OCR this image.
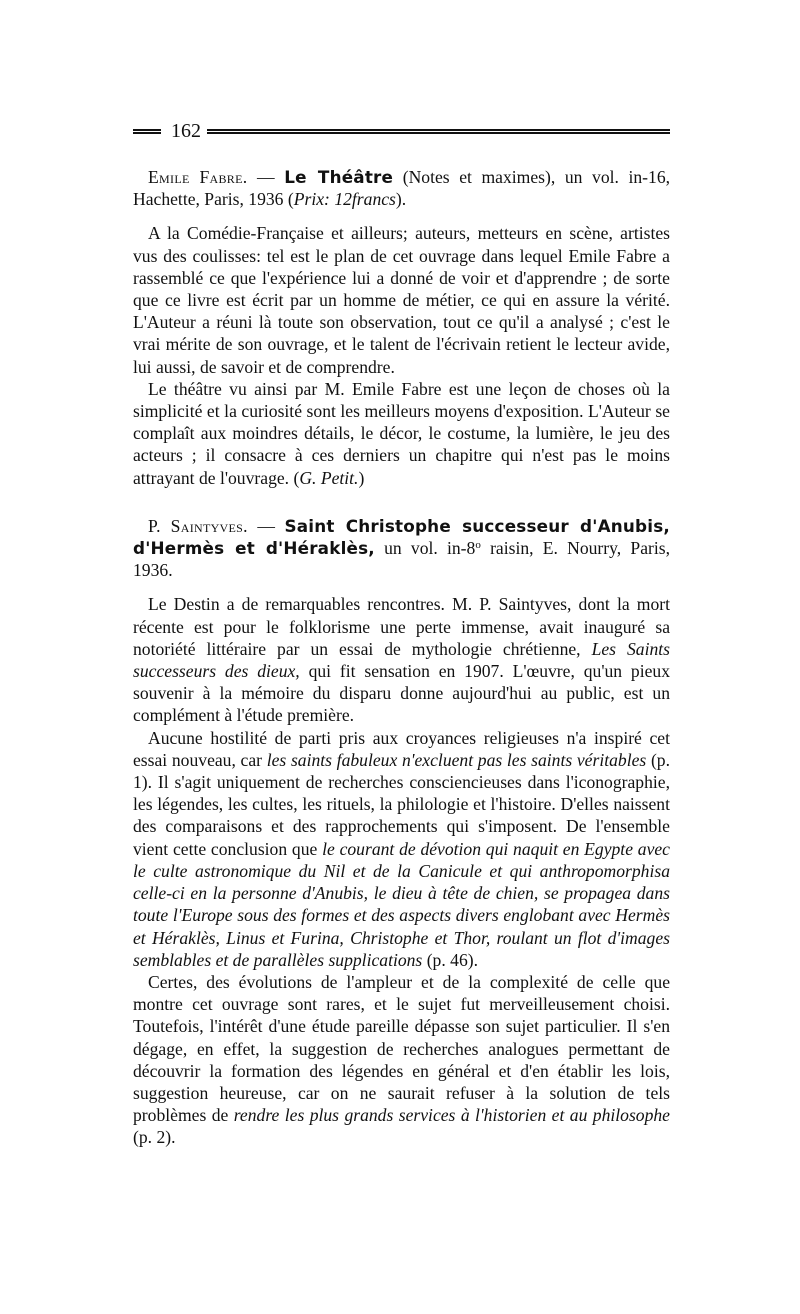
162

Emile Fabre. — Le Théâtre (Notes et maximes), un vol. in-16, Hachette, Paris, 1936 (Prix: 12francs).

A la Comédie-Française et ailleurs; auteurs, metteurs en scène, artistes vus des coulisses: tel est le plan de cet ouvrage dans lequel Emile Fabre a rassemblé ce que l'expérience lui a donné de voir et d'apprendre ; de sorte que ce livre est écrit par un homme de métier, ce qui en assure la vérité. L'Auteur a réuni là toute son observation, tout ce qu'il a analysé ; c'est le vrai mérite de son ouvrage, et le talent de l'écrivain retient le lecteur avide, lui aussi, de savoir et de comprendre.

Le théâtre vu ainsi par M. Emile Fabre est une leçon de choses où la simplicité et la curiosité sont les meilleurs moyens d'exposition. L'Auteur se complaît aux moindres détails, le décor, le costume, la lumière, le jeu des acteurs ; il consacre à ces derniers un chapitre qui n'est pas le moins attrayant de l'ouvrage. (G. Petit.)

P. Saintyves. — Saint Christophe successeur d'Anubis, d'Hermès et d'Héraklès, un vol. in-8$^o$ raisin, E. Nourry, Paris, 1936.

Le Destin a de remarquables rencontres. M. P. Saintyves, dont la mort récente est pour le folklorisme une perte immense, avait inauguré sa notoriété littéraire par un essai de mythologie chrétienne, Les Saints successeurs des dieux, qui fit sensation en 1907. L'œuvre, qu'un pieux souvenir à la mémoire du disparu donne aujourd'hui au public, est un complément à l'étude première.

Aucune hostilité de parti pris aux croyances religieuses n'a inspiré cet essai nouveau, car les saints fabuleux n'excluent pas les saints véritables (p. 1). Il s'agit uniquement de recherches consciencieuses dans l'iconographie, les légendes, les cultes, les rituels, la philologie et l'histoire. D'elles naissent des comparaisons et des rapprochements qui s'imposent. De l'ensemble vient cette conclusion que le courant de dévotion qui naquit en Egypte avec le culte astronomique du Nil et de la Canicule et qui anthropomorphisa celle-ci en la personne d'Anubis, le dieu à tête de chien, se propagea dans toute l'Europe sous des formes et des aspects divers englobant avec Hermès et Héraklès, Linus et Furina, Christophe et Thor, roulant un flot d'images semblables et de parallèles supplications (p. 46).

Certes, des évolutions de l'ampleur et de la complexité de celle que montre cet ouvrage sont rares, et le sujet fut merveilleusement choisi. Toutefois, l'intérêt d'une étude pareille dépasse son sujet particulier. Il s'en dégage, en effet, la suggestion de recherches analogues permettant de découvrir la formation des légendes en général et d'en établir les lois, suggestion heureuse, car on ne saurait refuser à la solution de tels problèmes de rendre les plus grands services à l'historien et au philosophe (p. 2).
